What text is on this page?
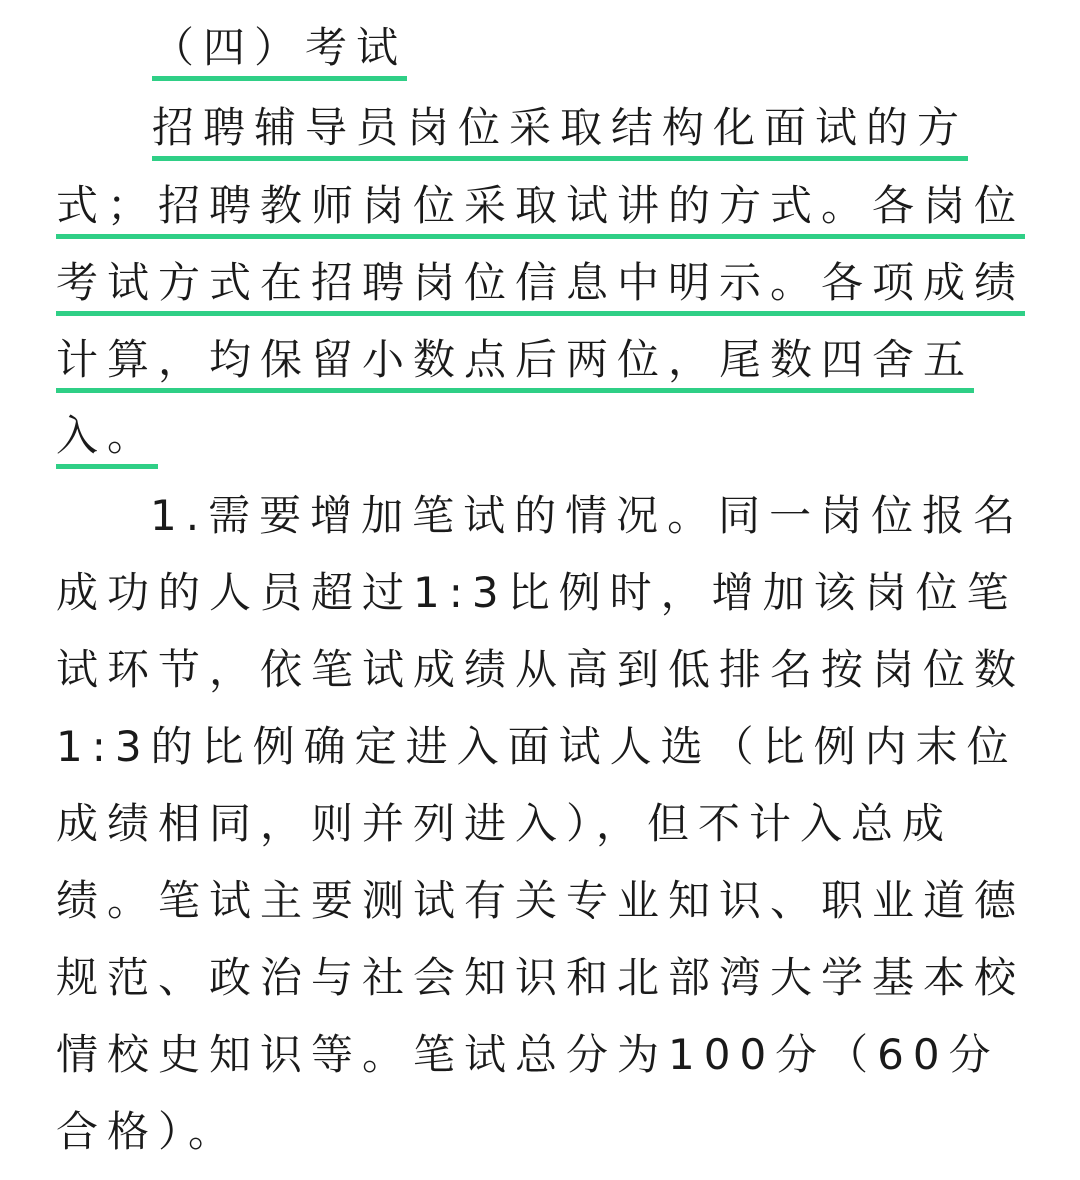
（四）考试
招聘辅导员岗位采取结构化面试的方
式；招聘教师岗位采取试讲的方式。各岗位
考试方式在招聘岗位信息中明示。各项成绩
计算，均保留小数点后两位，尾数四舍五
入。
1.需要增加笔试的情况。同一岗位报名
成功的人员超过1:3比例时，增加该岗位笔
试环节，依笔试成绩从高到低排名按岗位数
1:3的比例确定进入面试人选（比例内末位
成绩相同，则并列进入），但不计入总成
绩。笔试主要测试有关专业知识、职业道德
规范、政治与社会知识和北部湾大学基本校
情校史知识等。笔试总分为100分（60分
合格）。
